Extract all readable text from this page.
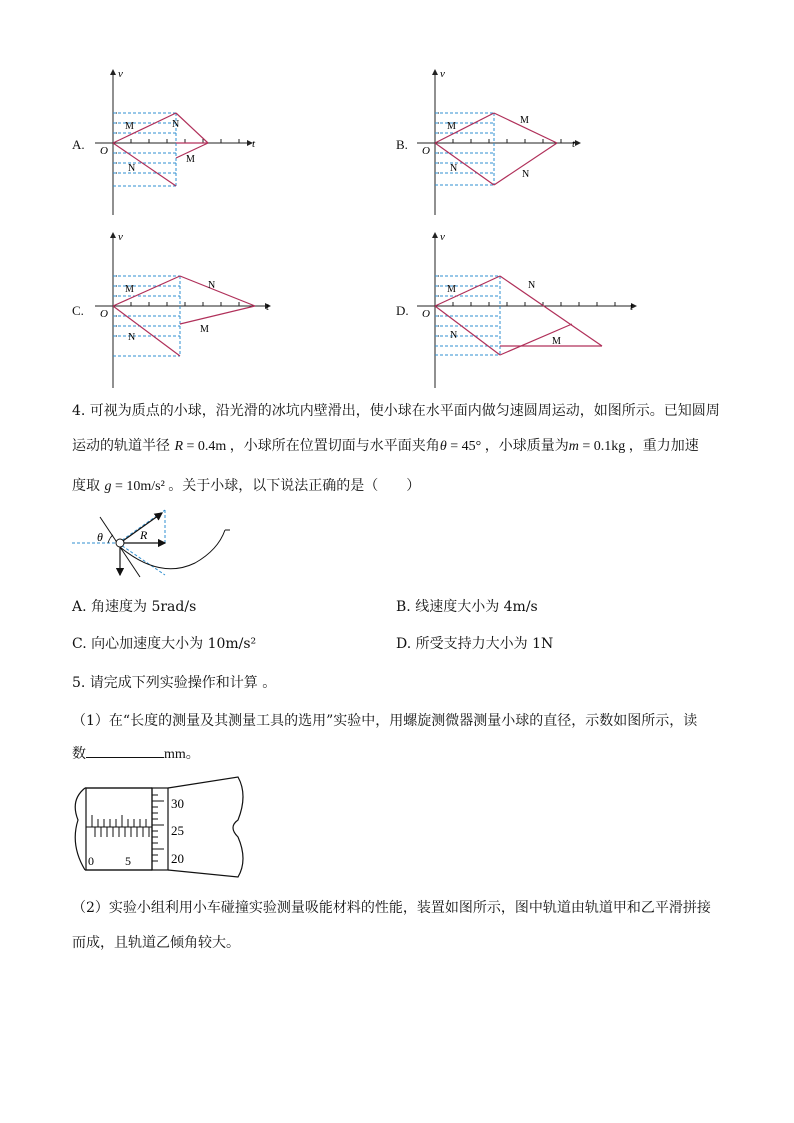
A.
v
t
O
M
N
N
M
B.
v
t
O
M
N
M
N
C.
v
t
O
M
N
N
M
D.
v
t
O
M
N
N
M
4. 可视为质点的小球，沿光滑的冰坑内壁滑出，使小球在水平面内做匀速圆周运动，如图所示。已知圆周
运动的轨道半径 R = 0.4m ，小球所在位置切面与水平面夹角θ = 45° ，小球质量为m = 0.1kg ，重力加速
度取 g = 10m/s² 。关于小球，以下说法正确的是（　　）
θ	R
A. 角速度为 5rad/s	B. 线速度大小为 4m/s
C. 向心加速度大小为 10m/s²	D. 所受支持力大小为 1N
5. 请完成下列实验操作和计算 。
（1）在“长度的测量及其测量工具的选用”实验中，用螺旋测微器测量小球的直径，示数如图所示，读
数	mm。
0	5
30
25
20
（2）实验小组利用小车碰撞实验测量吸能材料的性能，装置如图所示，图中轨道由轨道甲和乙平滑拼接
而成，且轨道乙倾角较大。
